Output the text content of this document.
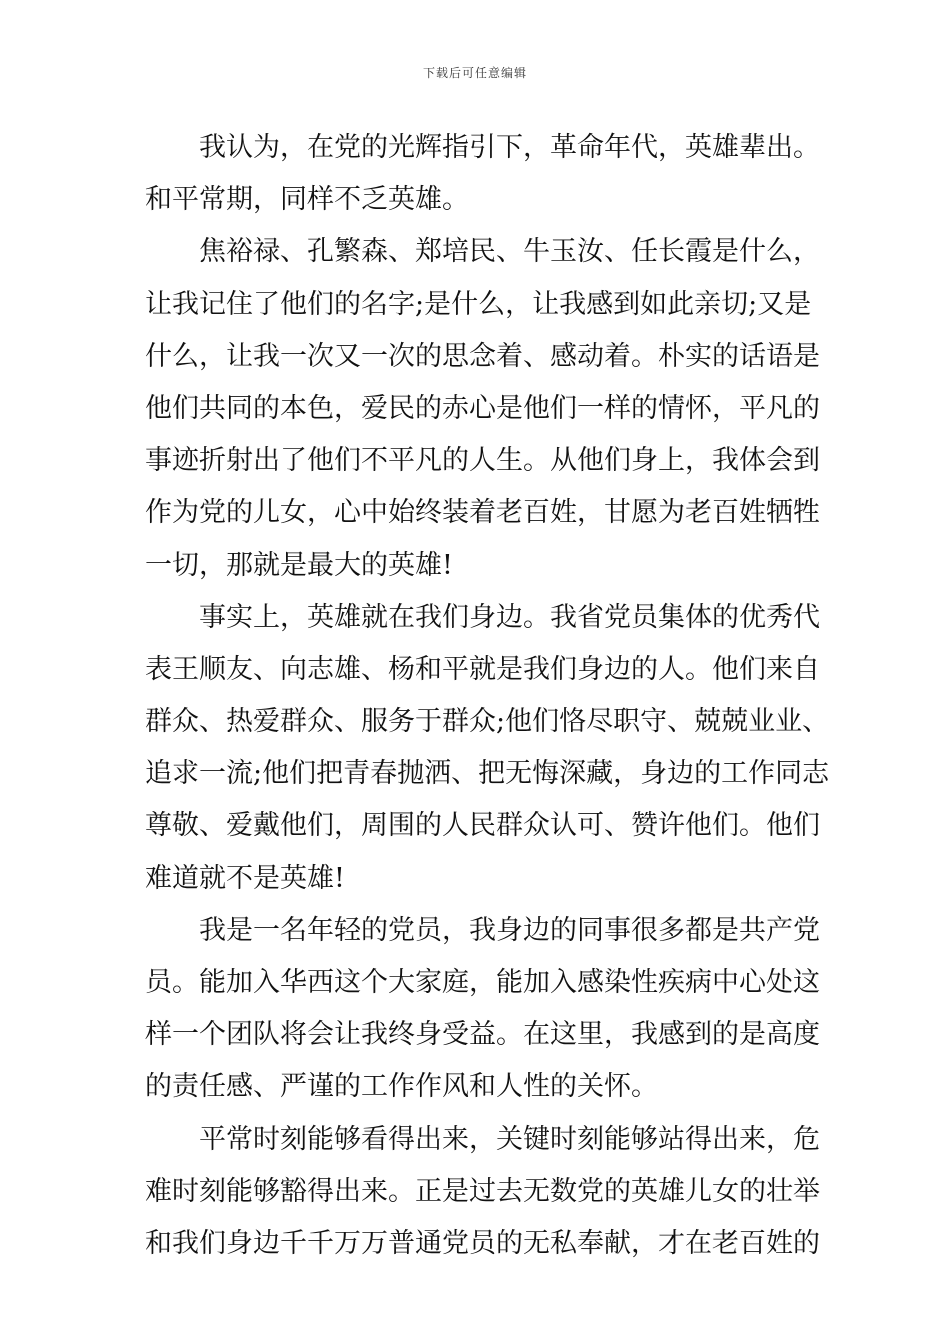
下载后可任意编辑
我认为，在党的光辉指引下，革命年代，英雄辈出。
和平常期，同样不乏英雄。
焦裕禄、孔繁森、郑培民、牛玉汝、任长霞是什么，
让我记住了他们的名字;是什么，让我感到如此亲切;又是
什么，让我一次又一次的思念着、感动着。朴实的话语是
他们共同的本色，爱民的赤心是他们一样的情怀，平凡的
事迹折射出了他们不平凡的人生。从他们身上，我体会到
作为党的儿女，心中始终装着老百姓，甘愿为老百姓牺牲
一切，那就是最大的英雄!
事实上，英雄就在我们身边。我省党员集体的优秀代
表王顺友、向志雄、杨和平就是我们身边的人。他们来自
群众、热爱群众、服务于群众;他们恪尽职守、兢兢业业、
追求一流;他们把青春抛洒、把无悔深藏，身边的工作同志
尊敬、爱戴他们，周围的人民群众认可、赞许他们。他们
难道就不是英雄!
我是一名年轻的党员，我身边的同事很多都是共产党
员。能加入华西这个大家庭，能加入感染性疾病中心处这
样一个团队将会让我终身受益。在这里，我感到的是高度
的责任感、严谨的工作作风和人性的关怀。
平常时刻能够看得出来，关键时刻能够站得出来，危
难时刻能够豁得出来。正是过去无数党的英雄儿女的壮举
和我们身边千千万万普通党员的无私奉献，才在老百姓的
